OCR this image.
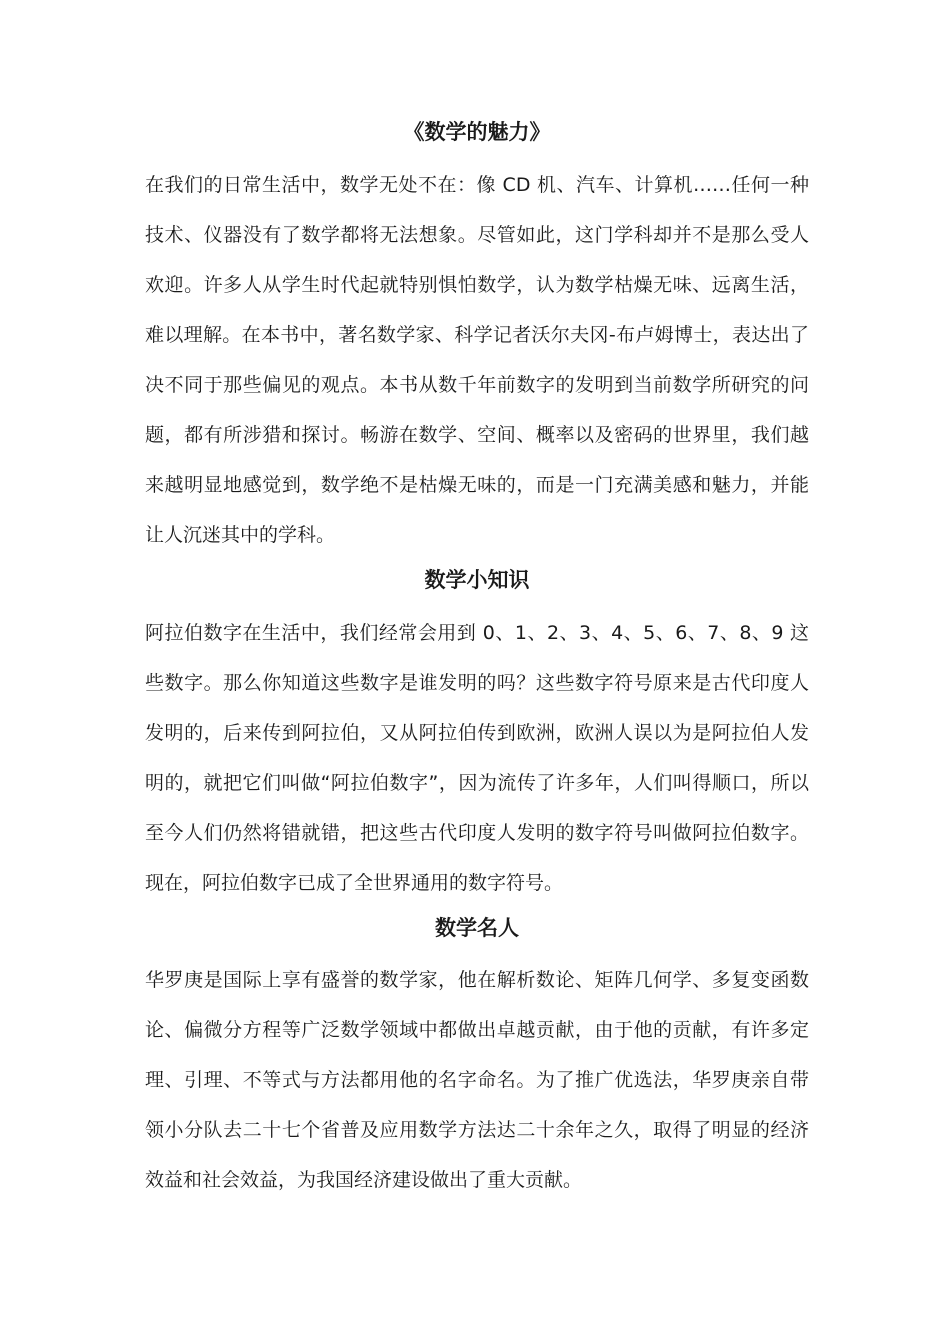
《数学的魅力》

在我们的日常生活中，数学无处不在：像 CD 机、汽车、计算机……任何一种技术、仪器没有了数学都将无法想象。尽管如此，这门学科却并不是那么受人欢迎。许多人从学生时代起就特别惧怕数学，认为数学枯燥无味、远离生活，难以理解。在本书中，著名数学家、科学记者沃尔夫冈-布卢姆博士，表达出了决不同于那些偏见的观点。本书从数千年前数字的发明到当前数学所研究的问题，都有所涉猎和探讨。畅游在数学、空间、概率以及密码的世界里，我们越来越明显地感觉到，数学绝不是枯燥无味的，而是一门充满美感和魅力，并能让人沉迷其中的学科。

数学小知识

阿拉伯数字在生活中，我们经常会用到 0、1、2、3、4、5、6、7、8、9 这些数字。那么你知道这些数字是谁发明的吗？这些数字符号原来是古代印度人发明的，后来传到阿拉伯，又从阿拉伯传到欧洲，欧洲人误以为是阿拉伯人发明的，就把它们叫做“阿拉伯数字”，因为流传了许多年，人们叫得顺口，所以至今人们仍然将错就错，把这些古代印度人发明的数字符号叫做阿拉伯数字。 现在，阿拉伯数字已成了全世界通用的数字符号。

数学名人

华罗庚是国际上享有盛誉的数学家，他在解析数论、矩阵几何学、多复变函数论、偏微分方程等广泛数学领域中都做出卓越贡献，由于他的贡献，有许多定理、引理、不等式与方法都用他的名字命名。为了推广优选法，华罗庚亲自带领小分队去二十七个省普及应用数学方法达二十余年之久，取得了明显的经济效益和社会效益，为我国经济建设做出了重大贡献。
